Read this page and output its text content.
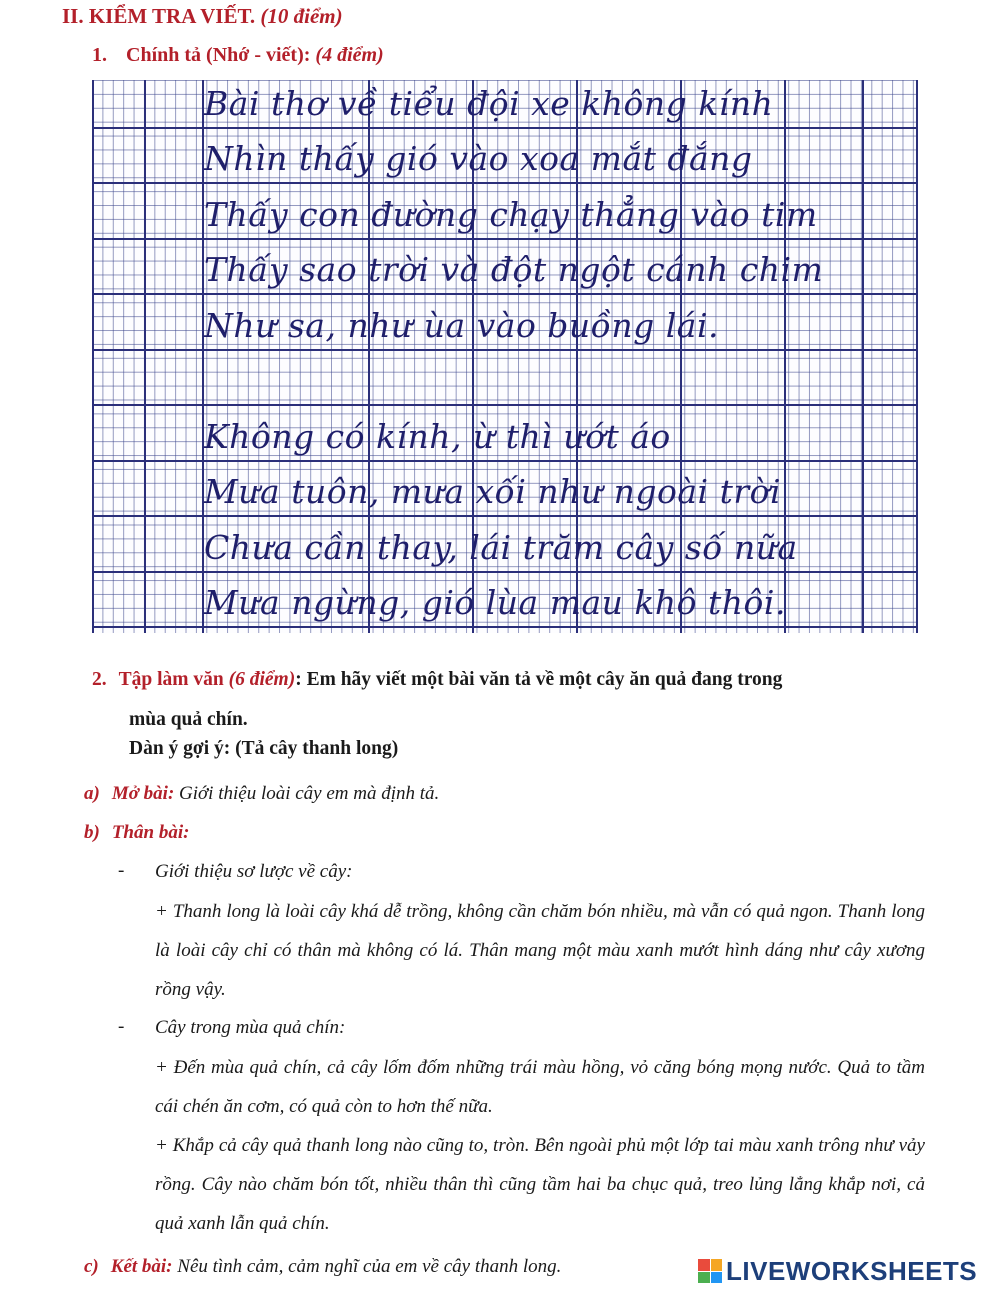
II. KIỂM TRA VIẾT. (10 điểm)
1. Chính tả (Nhớ - viết): (4 điểm)
Bài thơ về tiểu đội xe không kính
Nhìn thấy gió vào xoa mắt đắng
Thấy con đường chạy thẳng vào tim
Thấy sao trời và đột ngột cánh chim
Như sa, như ùa vào buồng lái.
Không có kính, ừ thì ướt áo
Mưa tuôn, mưa xối như ngoài trời
Chưa cần thay, lái trăm cây số nữa
Mưa ngừng, gió lùa mau khô thôi.
2. Tập làm văn (6 điểm): Em hãy viết một bài văn tả về một cây ăn quả đang trong
mùa quả chín.
Dàn ý gợi ý: (Tả cây thanh long)
a) Mở bài: Giới thiệu loài cây em mà định tả.
b) Thân bài:
- Giới thiệu sơ lược về cây:
+ Thanh long là loài cây khá dễ trồng, không cần chăm bón nhiều, mà vẫn có quả ngon. Thanh long là loài cây chỉ có thân mà không có lá. Thân mang một màu xanh mướt hình dáng như cây xương rồng vậy.
- Cây trong mùa quả chín:
+ Đến mùa quả chín, cả cây lốm đốm những trái màu hồng, vỏ căng bóng mọng nước. Quả to tầm cái chén ăn cơm, có quả còn to hơn thế nữa.
+ Khắp cả cây quả thanh long nào cũng to, tròn. Bên ngoài phủ một lớp tai màu xanh trông như vảy rồng. Cây nào chăm bón tốt, nhiều thân thì cũng tầm hai ba chục quả, treo lủng lẳng khắp nơi, cả quả xanh lẫn quả chín.
c) Kết bài: Nêu tình cảm, cảm nghĩ của em về cây thanh long.	LIVEWORKSHEETS
